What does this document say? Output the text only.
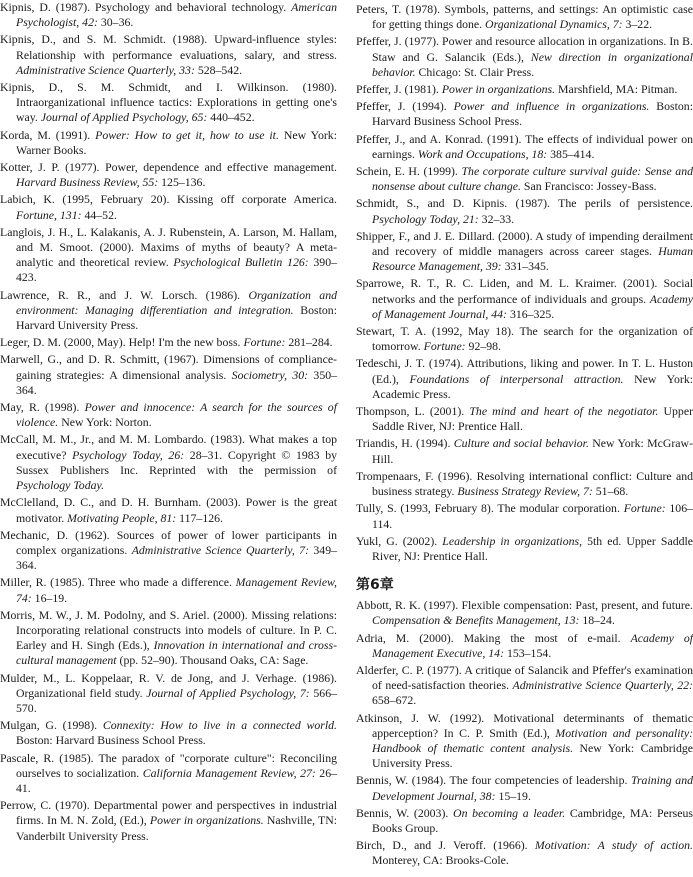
Kipnis, D. (1987). Psychology and behavioral technology. American Psychologist, 42: 30–36.

Kipnis, D., and S. M. Schmidt. (1988). Upward-influence styles: Relationship with performance evaluations, salary, and stress. Administrative Science Quarterly, 33: 528–542.

Kipnis, D., S. M. Schmidt, and I. Wilkinson. (1980). Intraorganizational influence tactics: Explorations in getting one's way. Journal of Applied Psychology, 65: 440–452.

Korda, M. (1991). Power: How to get it, how to use it. New York: Warner Books.

Kotter, J. P. (1977). Power, dependence and effective management. Harvard Business Review, 55: 125–136.

Labich, K. (1995, February 20). Kissing off corporate America. Fortune, 131: 44–52.

Langlois, J. H., L. Kalakanis, A. J. Rubenstein, A. Larson, M. Hallam, and M. Smoot. (2000). Maxims of myths of beauty? A meta-analytic and theoretical review. Psychological Bulletin 126: 390–423.

Lawrence, R. R., and J. W. Lorsch. (1986). Organization and environment: Managing differentiation and integration. Boston: Harvard University Press.

Leger, D. M. (2000, May). Help! I'm the new boss. Fortune: 281–284.

Marwell, G., and D. R. Schmitt, (1967). Dimensions of compliance-gaining strategies: A dimensional analysis. Sociometry, 30: 350–364.

May, R. (1998). Power and innocence: A search for the sources of violence. New York: Norton.

McCall, M. M., Jr., and M. M. Lombardo. (1983). What makes a top executive? Psychology Today, 26: 28–31. Copyright © 1983 by Sussex Publishers Inc. Reprinted with the permission of Psychology Today.

McClelland, D. C., and D. H. Burnham. (2003). Power is the great motivator. Motivating People, 81: 117–126.

Mechanic, D. (1962). Sources of power of lower participants in complex organizations. Administrative Science Quarterly, 7: 349–364.

Miller, R. (1985). Three who made a difference. Management Review, 74: 16–19.

Morris, M. W., J. M. Podolny, and S. Ariel. (2000). Missing relations: Incorporating relational constructs into models of culture. In P. C. Earley and H. Singh (Eds.), Innovation in international and cross-cultural management (pp. 52–90). Thousand Oaks, CA: Sage.

Mulder, M., L. Koppelaar, R. V. de Jong, and J. Verhage. (1986). Organizational field study. Journal of Applied Psychology, 7: 566–570.

Mulgan, G. (1998). Connexity: How to live in a connected world. Boston: Harvard Business School Press.

Pascale, R. (1985). The paradox of "corporate culture": Reconciling ourselves to socialization. California Management Review, 27: 26–41.

Perrow, C. (1970). Departmental power and perspectives in industrial firms. In M. N. Zold, (Ed.), Power in organizations. Nashville, TN: Vanderbilt University Press.

Peters, T. (1978). Symbols, patterns, and settings: An optimistic case for getting things done. Organizational Dynamics, 7: 3–22.

Pfeffer, J. (1977). Power and resource allocation in organizations. In B. Staw and G. Salancik (Eds.), New direction in organizational behavior. Chicago: St. Clair Press.

Pfeffer, J. (1981). Power in organizations. Marshfield, MA: Pitman.

Pfeffer, J. (1994). Power and influence in organizations. Boston: Harvard Business School Press.

Pfeffer, J., and A. Konrad. (1991). The effects of individual power on earnings. Work and Occupations, 18: 385–414.

Schein, E. H. (1999). The corporate culture survival guide: Sense and nonsense about culture change. San Francisco: Jossey-Bass.

Schmidt, S., and D. Kipnis. (1987). The perils of persistence. Psychology Today, 21: 32–33.

Shipper, F., and J. E. Dillard. (2000). A study of impending derailment and recovery of middle managers across career stages. Human Resource Management, 39: 331–345.

Sparrowe, R. T., R. C. Liden, and M. L. Kraimer. (2001). Social networks and the performance of individuals and groups. Academy of Management Journal, 44: 316–325.

Stewart, T. A. (1992, May 18). The search for the organization of tomorrow. Fortune: 92–98.

Tedeschi, J. T. (1974). Attributions, liking and power. In T. L. Huston (Ed.), Foundations of interpersonal attraction. New York: Academic Press.

Thompson, L. (2001). The mind and heart of the negotiator. Upper Saddle River, NJ: Prentice Hall.

Triandis, H. (1994). Culture and social behavior. New York: McGraw-Hill.

Trompenaars, F. (1996). Resolving international conflict: Culture and business strategy. Business Strategy Review, 7: 51–68.

Tully, S. (1993, February 8). The modular corporation. Fortune: 106–114.

Yukl, G. (2002). Leadership in organizations, 5th ed. Upper Saddle River, NJ: Prentice Hall.

第6章

Abbott, R. K. (1997). Flexible compensation: Past, present, and future. Compensation & Benefits Management, 13: 18–24.

Adria, M. (2000). Making the most of e-mail. Academy of Management Executive, 14: 153–154.

Alderfer, C. P. (1977). A critique of Salancik and Pfeffer's examination of need-satisfaction theories. Administrative Science Quarterly, 22: 658–672.

Atkinson, J. W. (1992). Motivational determinants of thematic apperception? In C. P. Smith (Ed.), Motivation and personality: Handbook of thematic content analysis. New York: Cambridge University Press.

Bennis, W. (1984). The four competencies of leadership. Training and Development Journal, 38: 15–19.

Bennis, W. (2003). On becoming a leader. Cambridge, MA: Perseus Books Group.

Birch, D., and J. Veroff. (1966). Motivation: A study of action. Monterey, CA: Brooks-Cole.
